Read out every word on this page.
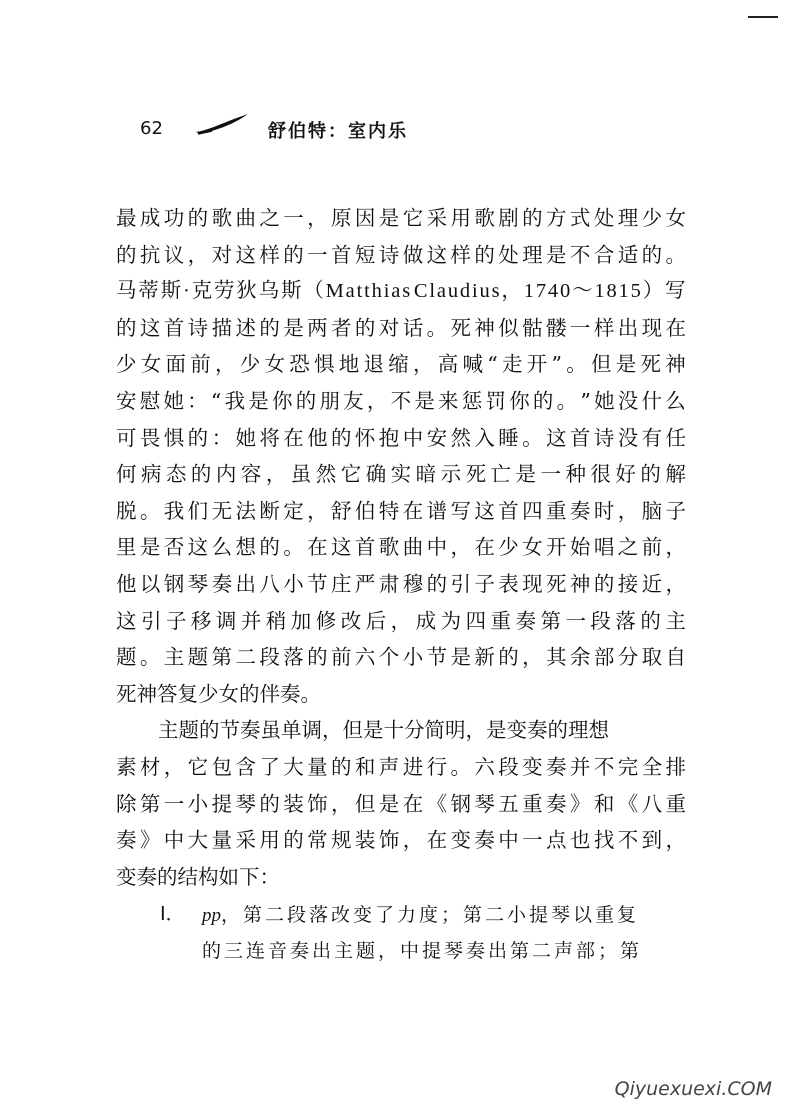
62	舒伯特：室内乐
最 成 功 的 歌 曲 之 一 ， 原 因 是 它 采 用 歌 剧 的 方 式 处 理 少 女
的 抗 议 ， 对 这 样 的 一 首 短 诗 做 这 样 的 处 理 是 不 合 适 的 。
马 蒂 斯 · 克 劳 狄 乌 斯 （ M a t t h i a s C l a u d i u s ， 1 7 4 0 ～ 1 8 1 5 ） 写
的 这 首 诗 描 述 的 是 两 者 的 对 话 。 死 神 似 骷 髅 一 样 出 现 在
少 女 面 前 ， 少 女 恐 惧 地 退 缩 ， 高 喊 “ 走 开 ” 。 但 是 死 神
安 慰 她 ： “ 我 是 你 的 朋 友 ， 不 是 来 惩 罚 你 的 。 ” 她 没 什 么
可 畏 惧 的 ： 她 将 在 他 的 怀 抱 中 安 然 入 睡 。 这 首 诗 没 有 任
何 病 态 的 内 容 ， 虽 然 它 确 实 暗 示 死 亡 是 一 种 很 好 的 解
脱 。 我 们 无 法 断 定 ， 舒 伯 特 在 谱 写 这 首 四 重 奏 时 ， 脑 子
里 是 否 这 么 想 的 。 在 这 首 歌 曲 中 ， 在 少 女 开 始 唱 之 前 ，
他 以 钢 琴 奏 出 八 小 节 庄 严 肃 穆 的 引 子 表 现 死 神 的 接 近 ，
这 引 子 移 调 并 稍 加 修 改 后 ， 成 为 四 重 奏 第 一 段 落 的 主
题 。 主 题 第 二 段 落 的 前 六 个 小 节 是 新 的 ， 其 余 部 分 取 自
死神答复少女的伴奏。
主题的节奏虽单调，但是十分简明，是变奏的理想
素 材 ， 它 包 含 了 大 量 的 和 声 进 行 。 六 段 变 奏 并 不 完 全 排
除 第 一 小 提 琴 的 装 饰 ， 但 是 在 《 钢 琴 五 重 奏 》 和 《 八 重
奏 》 中 大 量 采 用 的 常 规 装 饰 ， 在 变 奏 中 一 点 也 找 不 到 ，
变奏的结构如下：
Ⅰ． pp，第二段落改变了力度；第二小提琴以重复
的三连音奏出主题，中提琴奏出第二声部；第
Qiyuexuexi.COM
